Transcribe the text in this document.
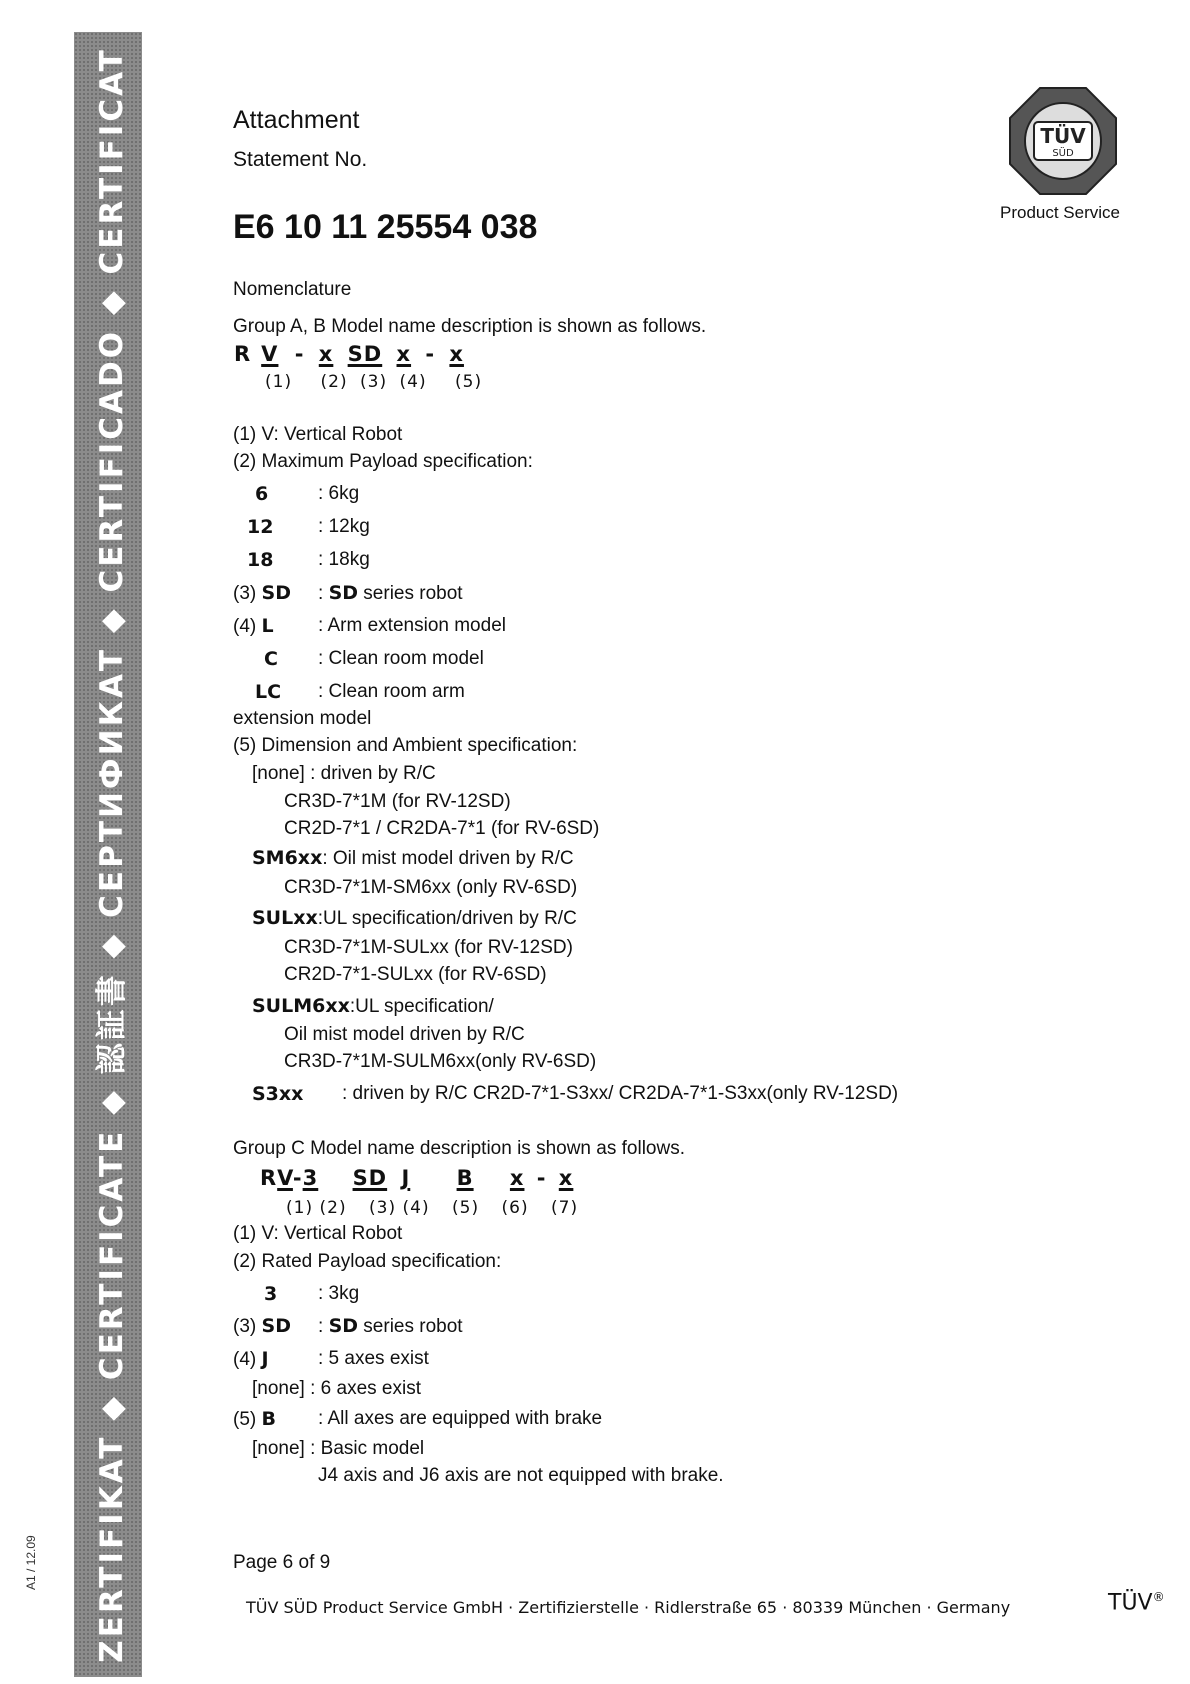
ZERTIFIKAT ◆ CERTIFICATE ◆ 認証書 ◆ СЕРТИФИКАТ ◆ CERTIFICADO ◆ CERTIFICAT
A1 / 12.09
Attachment
Statement No.
E6 10 11 25554 038
TÜV
SÜD
Product Service
Nomenclature
Group A, B Model name description is shown as follows.
R V - x SD x - x
(1) (2) (3) (4) (5)
(1) V: Vertical Robot
(2) Maximum Payload specification:
6	: 6kg
12 : 12kg
18 : 18kg
(3) SD : SD series robot
(4) L : Arm extension model
C : Clean room model
LC : Clean room arm
extension model
(5) Dimension and Ambient specification:
[none] : driven by R/C
CR3D-7*1M (for RV-12SD)
CR2D-7*1 / CR2DA-7*1 (for RV-6SD)
SM6xx: Oil mist model driven by R/C
CR3D-7*1M-SM6xx (only RV-6SD)
SULxx:UL specification/driven by R/C
CR3D-7*1M-SULxx (for RV-12SD)
CR2D-7*1-SULxx (for RV-6SD)
SULM6xx:UL specification/
Oil mist model driven by R/C
CR3D-7*1M-SULM6xx(only RV-6SD)
S3xx : driven by R/C CR2D-7*1-S3xx/ CR2DA-7*1-S3xx(only RV-12SD)
Group C Model name description is shown as follows.
RV-3 SD J B x - x
(1) (2) (3) (4) (5) (6) (7)
(1) V: Vertical Robot
(2) Rated Payload specification:
3 : 3kg
(3) SD : SD series robot
(4) J	: 5 axes exist
[none] : 6 axes exist
(5) B : All axes are equipped with brake
[none] : Basic model
J4 axis and J6 axis are not equipped with brake.
Page 6 of 9
TÜV SÜD Product Service GmbH · Zertifizierstelle · Ridlerstraße 65 · 80339 München · Germany	TÜV®
